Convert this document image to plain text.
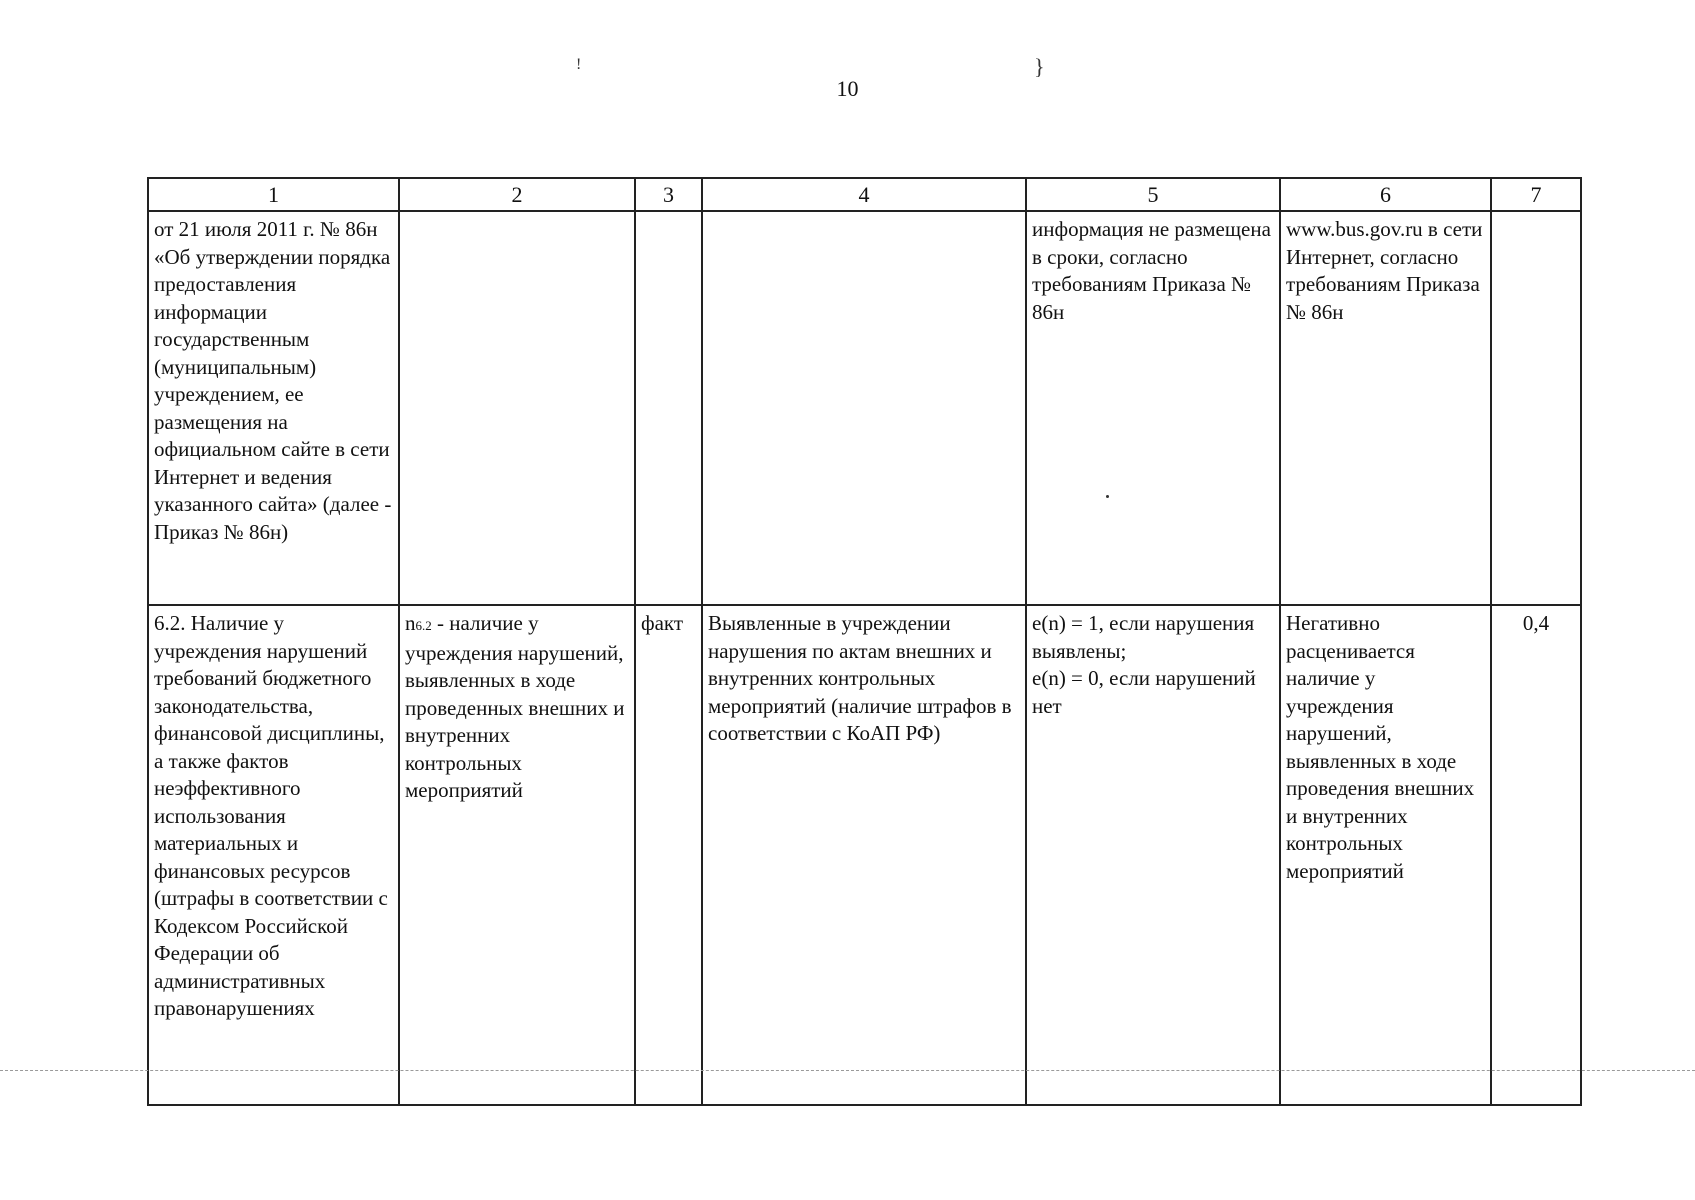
10
!	}
1	2	3	4	5	6	7
от 21 июля 2011 г. № 86н «Об утверждении порядка предоставления информации государственным (муниципальным) учреждением, ее размещения на официальном сайте в сети Интернет и ведения указанного сайта» (далее - Приказ № 86н)				информация не размещена в сроки, согласно требованиям Приказа № 86н	www.bus.gov.ru в сети Интернет, согласно требованиям Приказа № 86н	
6.2. Наличие у учреждения нарушений требований бюджетного законодательства, финансовой дисциплины, а также фактов неэффективного использования материальных и финансовых ресурсов (штрафы в соответствии с Кодексом Российской Федерации об административных правонарушениях	n6.2 - наличие у учреждения нарушений, выявленных в ходе проведенных внешних и внутренних контрольных мероприятий	факт	Выявленные в учреждении нарушения по актам внешних и внутренних контрольных мероприятий (наличие штрафов в соответствии с КоАП РФ)	e(n) = 1, если нарушения выявлены;
e(n) = 0, если нарушений нет	Негативно расценивается наличие у учреждения нарушений, выявленных в ходе проведения внешних и внутренних контрольных мероприятий	0,4
